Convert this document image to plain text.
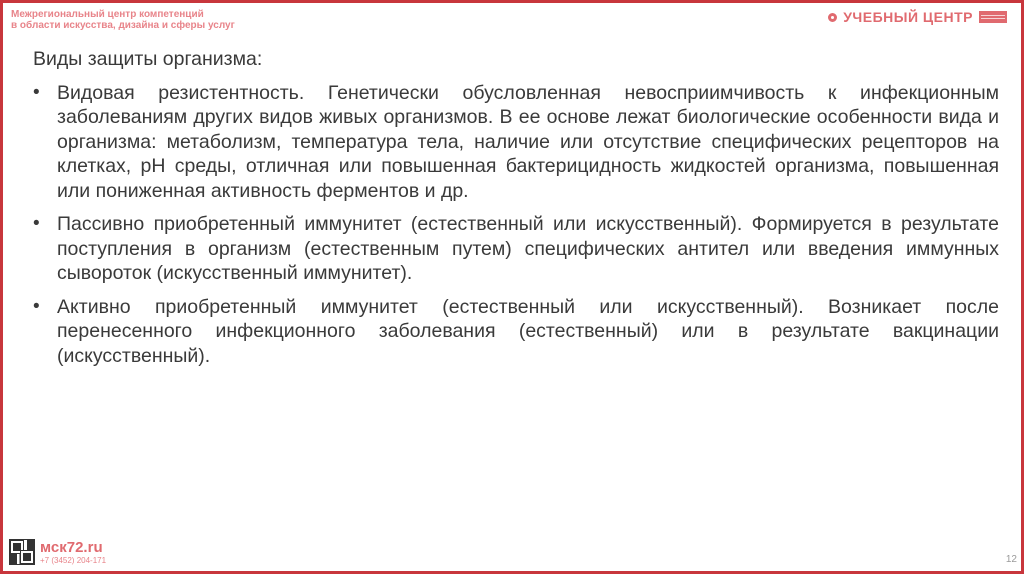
Межрегиональный центр компетенций
в области искусства, дизайна и сферы услуг
УЧЕБНЫЙ ЦЕНТР
Виды защиты организма:
• Видовая резистентность. Генетически обусловленная невосприимчивость к инфекционным заболеваниям других видов живых организмов. В ее основе лежат биологические особенности вида и организма: метаболизм, температура тела, наличие или отсутствие специфических рецепторов на клетках, рН среды, отличная или повышенная бактерицидность жидкостей организма, повышенная или пониженная активность ферментов и др.
• Пассивно приобретенный иммунитет (естественный или искусственный). Формируется в результате поступления в организм (естественным путем) специфических антител или введения иммунных сывороток (искусственный иммунитет).
• Активно приобретенный иммунитет (естественный или искусственный). Возникает после перенесенного инфекционного заболевания (естественный) или в результате вакцинации (искусственный).
мск72.ru
+7 (3452) 204-171	12
